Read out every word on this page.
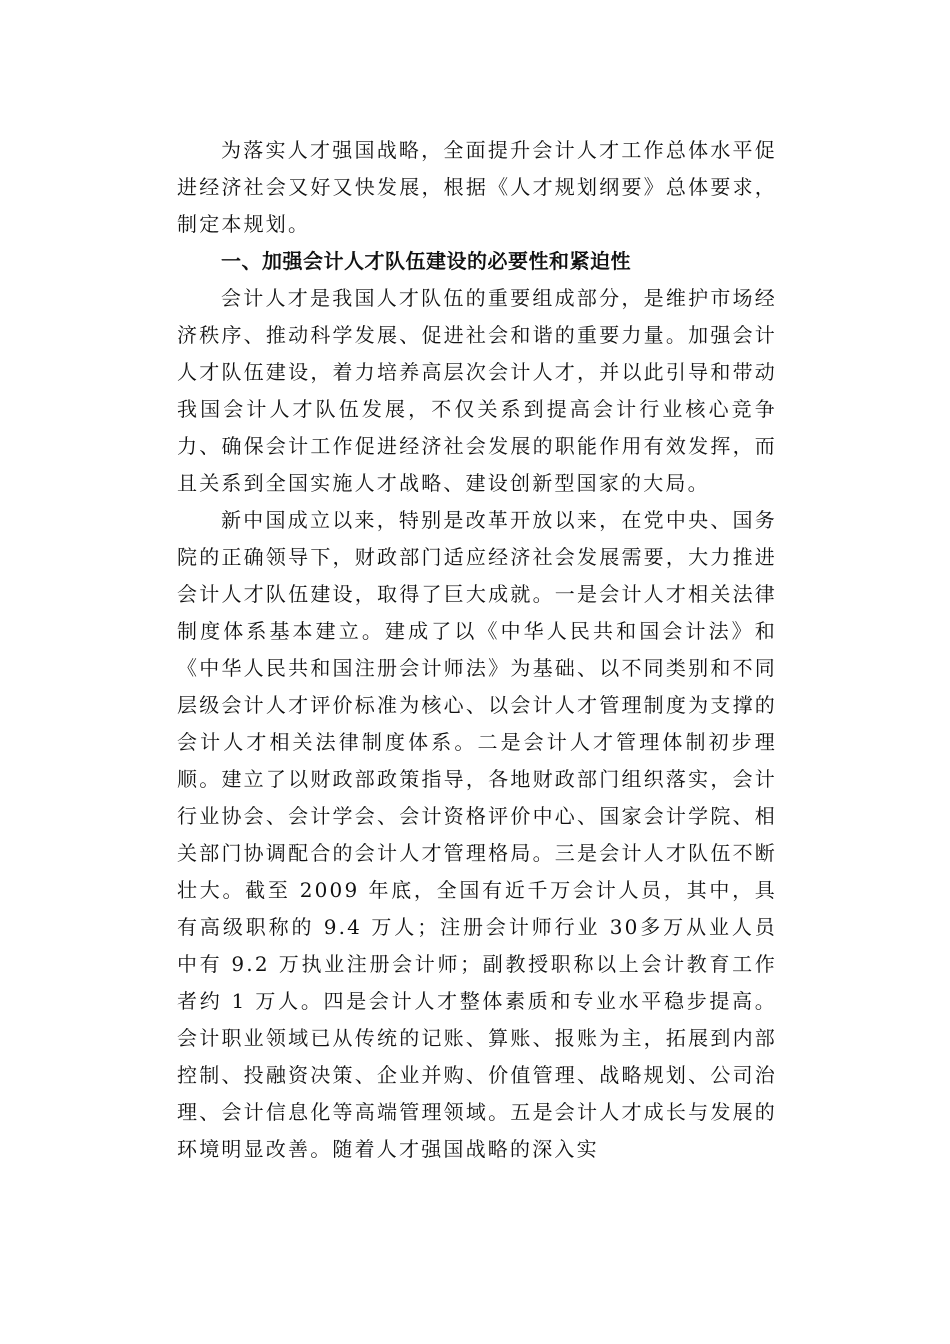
为落实人才强国战略，全面提升会计人才工作总体水平促进经济社会又好又快发展，根据《人才规划纲要》总体要求，制定本规划。

一、加强会计人才队伍建设的必要性和紧迫性

会计人才是我国人才队伍的重要组成部分，是维护市场经济秩序、推动科学发展、促进社会和谐的重要力量。加强会计人才队伍建设，着力培养高层次会计人才，并以此引导和带动我国会计人才队伍发展，不仅关系到提高会计行业核心竞争力、确保会计工作促进经济社会发展的职能作用有效发挥，而且关系到全国实施人才战略、建设创新型国家的大局。

新中国成立以来，特别是改革开放以来，在党中央、国务院的正确领导下，财政部门适应经济社会发展需要，大力推进会计人才队伍建设，取得了巨大成就。一是会计人才相关法律制度体系基本建立。建成了以《中华人民共和国会计法》和《中华人民共和国注册会计师法》为基础、以不同类别和不同层级会计人才评价标准为核心、以会计人才管理制度为支撑的会计人才相关法律制度体系。二是会计人才管理体制初步理顺。建立了以财政部政策指导，各地财政部门组织落实，会计行业协会、会计学会、会计资格评价中心、国家会计学院、相关部门协调配合的会计人才管理格局。三是会计人才队伍不断壮大。截至 2009 年底，全国有近千万会计人员，其中，具有高级职称的 9.4 万人；注册会计师行业 30多万从业人员中有 9.2 万执业注册会计师；副教授职称以上会计教育工作者约 1 万人。四是会计人才整体素质和专业水平稳步提高。会计职业领域已从传统的记账、算账、报账为主，拓展到内部控制、投融资决策、企业并购、价值管理、战略规划、公司治理、会计信息化等高端管理领域。五是会计人才成长与发展的环境明显改善。随着人才强国战略的深入实
